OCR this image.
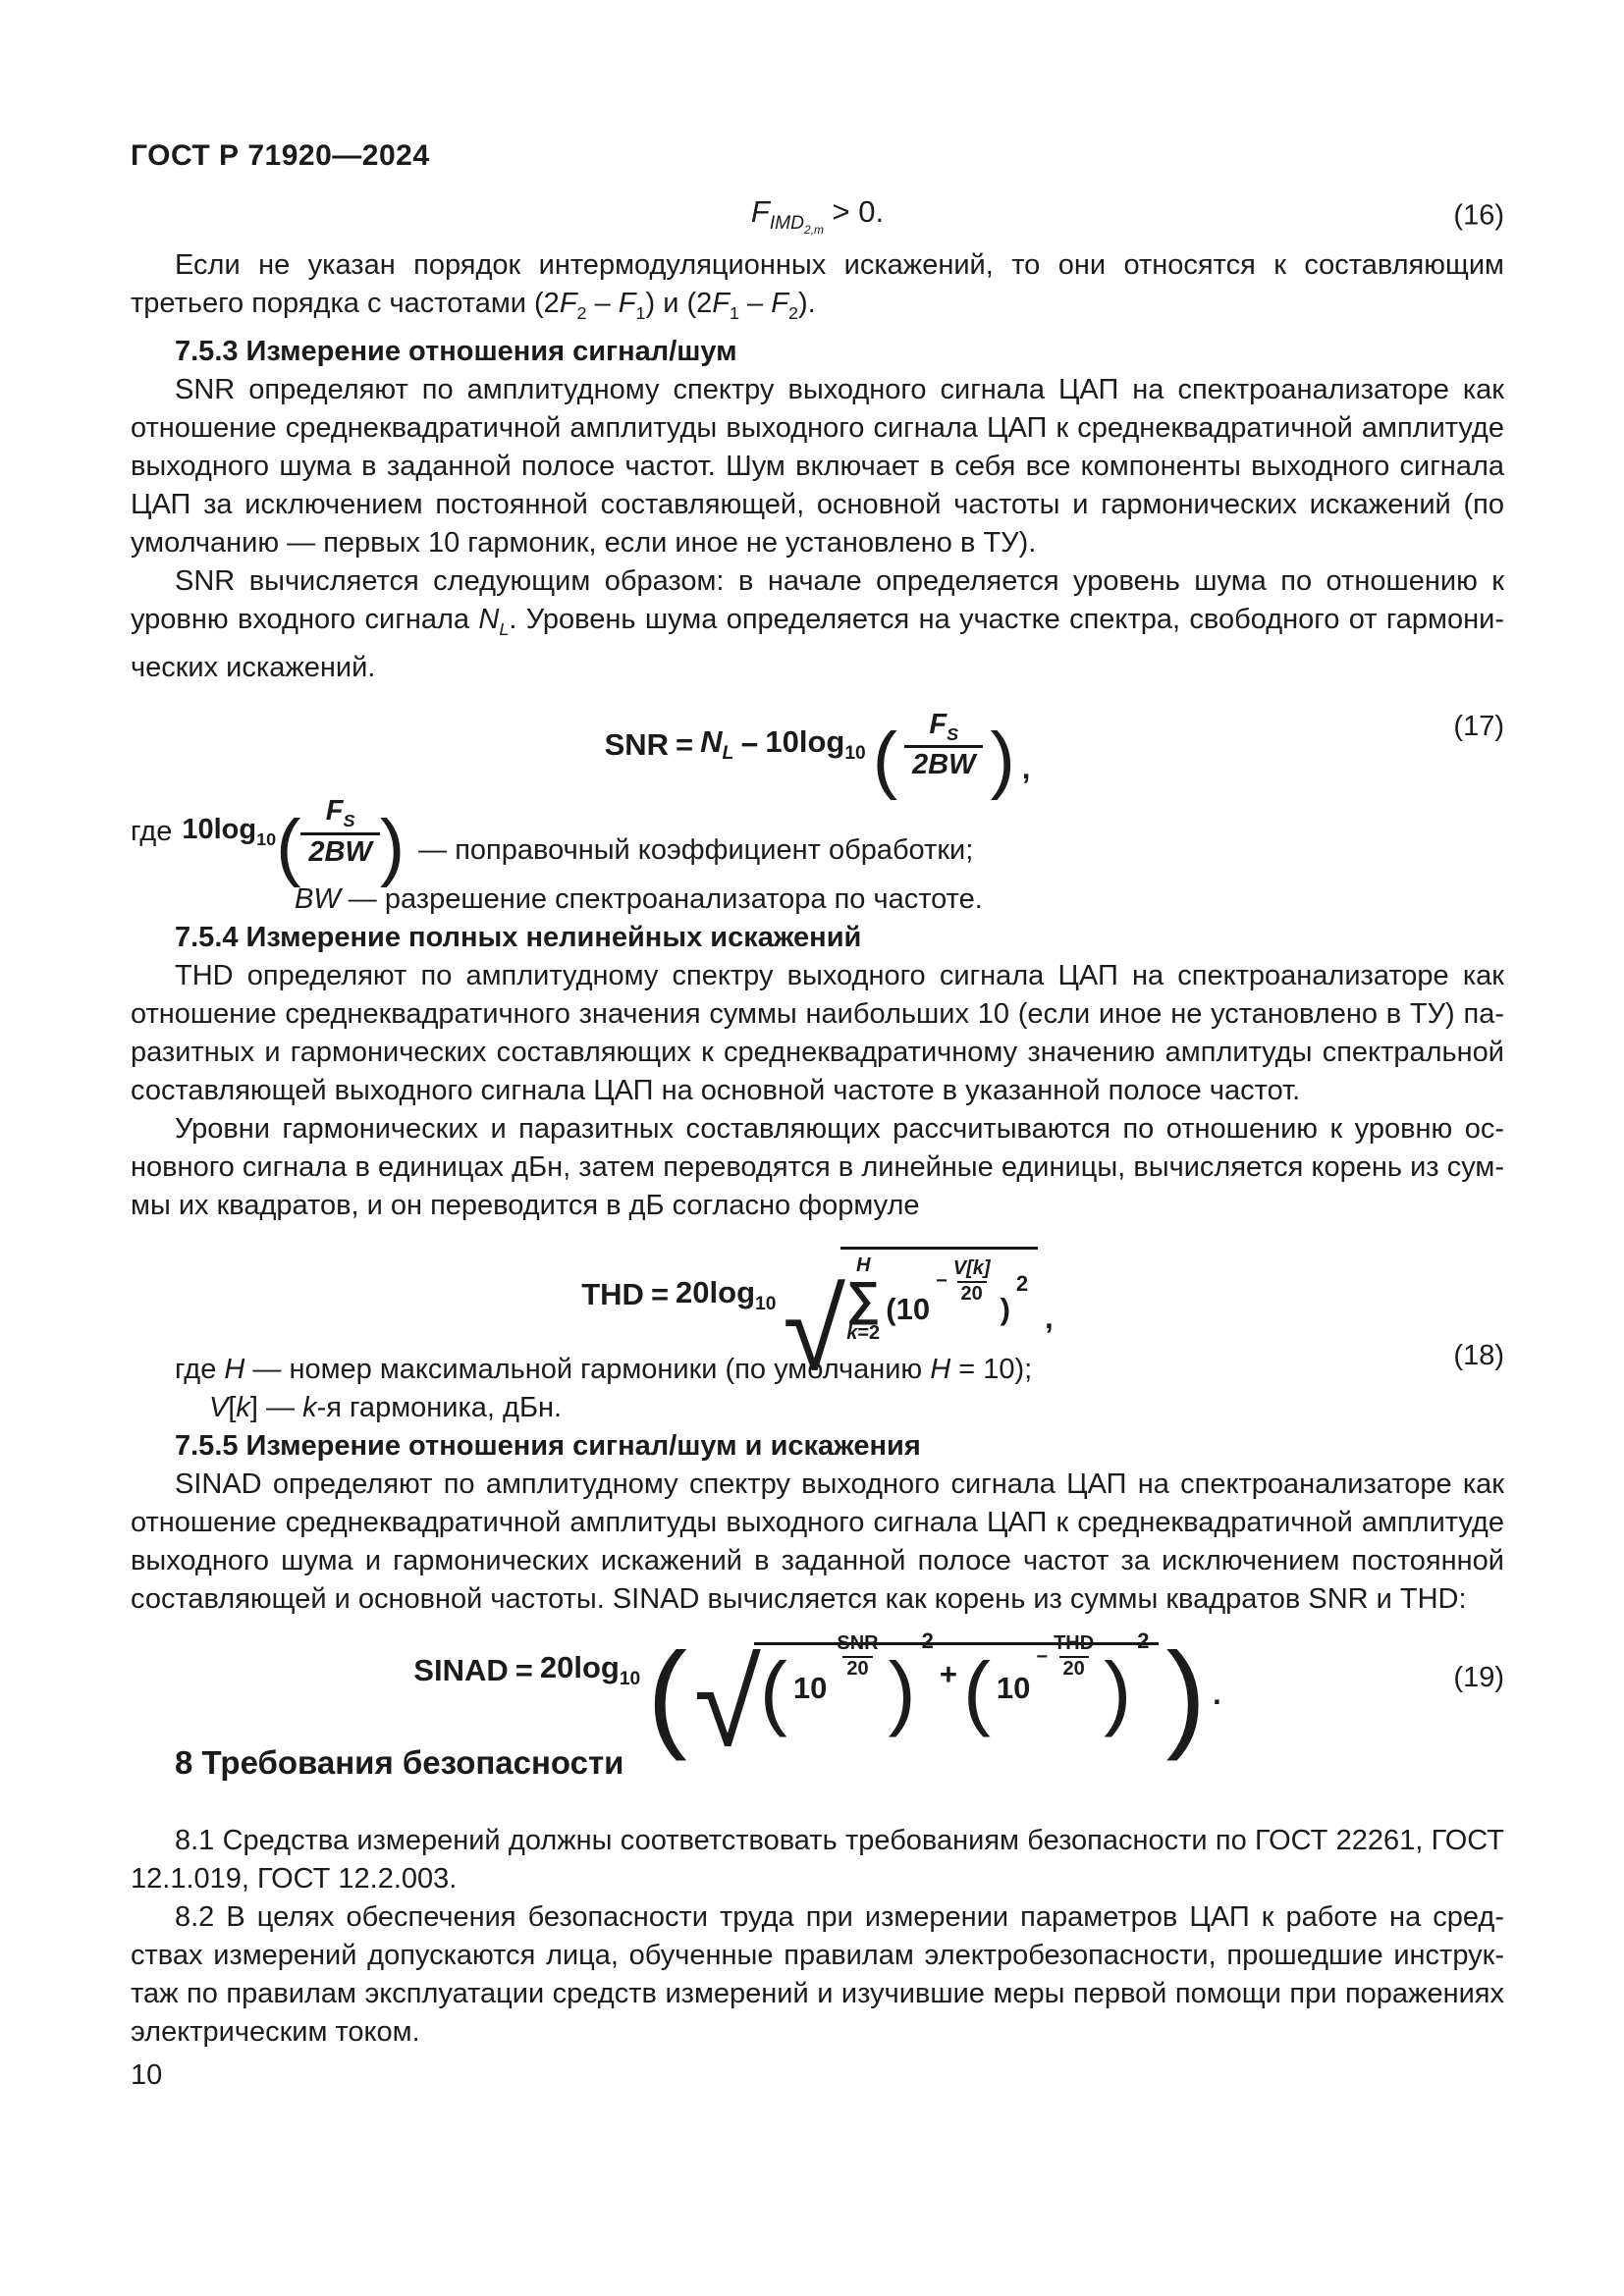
ГОСТ Р 71920—2024
$F_{IMD_{2,m}} > 0$.	(16)

Если не указан порядок интермодуляционных искажений, то они относятся к составляющим третьего порядка с частотами $(2F_2 - F_1)$ и $(2F_1 - F_2)$.

7.5.3 Измерение отношения сигнал/шум

SNR определяют по амплитудному спектру выходного сигнала ЦАП на спектроанализаторе как отношение среднеквадратичной амплитуды выходного сигнала ЦАП к среднеквадратичной амплитуде выходного шума в заданной полосе частот. Шум включает в себя все компоненты выходного сигнала ЦАП за исключением постоянной составляющей, основной частоты и гармонических искажений (по умолчанию — первых 10 гармоник, если иное не установлено в ТУ).

SNR вычисляется следующим образом: в начале определяется уровень шума по отношению к уровню входного сигнала $N_L$. Уровень шума определяется на участке спектра, свободного от гармонических искажений.

SNR = $N_L - 10\log_{10}$ ( $\frac{F_S}{2BW}$ ) ,
(17)
где $10\log_{10}$ ( $\frac{F_S}{2BW}$ ) — поправочный коэффициент обработки;

BW — разрешение спектроанализатора по частоте.

7.5.4 Измерение полных нелинейных искажений

THD определяют по амплитудному спектру выходного сигнала ЦАП на спектроанализаторе как отношение среднеквадратичного значения суммы наибольших 10 (если иное не установлено в ТУ) паразитных и гармонических составляющих к среднеквадратичному значению амплитуды спектральной составляющей выходного сигнала ЦАП на основной частоте в указанной полосе частот.

Уровни гармонических и паразитных составляющих рассчитываются по отношению к уровню основного сигнала в единицах дБн, затем переводятся в линейные единицы, вычисляется корень из суммы их квадратов, и он переводится в дБ согласно формуле

THD = $20\log_{10}$ √
H
∑
k=2
(10
− $\frac{V[k]}{20}$
)
2
,
(18)

где H — номер максимальной гармоники (по умолчанию H = 10);

V[k] — k-я гармоника, дБн.

7.5.5 Измерение отношения сигнал/шум и искажения

SINAD определяют по амплитудному спектру выходного сигнала ЦАП на спектроанализаторе как отношение среднеквадратичной амплитуды выходного сигнала ЦАП к среднеквадратичной амплитуде выходного шума и гармонических искажений в заданной полосе частот за исключением постоянной составляющей и основной частоты. SINAD вычисляется как корень из суммы квадратов SNR и THD:

SINAD = $20\log_{10}$ ( √ ( 10
SNR
20 )
2
+ ( 10
−
THD
20 )
2 ) .	(19)
8 Требования безопасности

8.1 Средства измерений должны соответствовать требованиям безопасности по ГОСТ 22261, ГОСТ 12.1.019, ГОСТ 12.2.003.

8.2 В целях обеспечения безопасности труда при измерении параметров ЦАП к работе на средствах измерений допускаются лица, обученные правилам электробезопасности, прошедшие инструктаж по правилам эксплуатации средств измерений и изучившие меры первой помощи при поражениях электрическим током.

10
